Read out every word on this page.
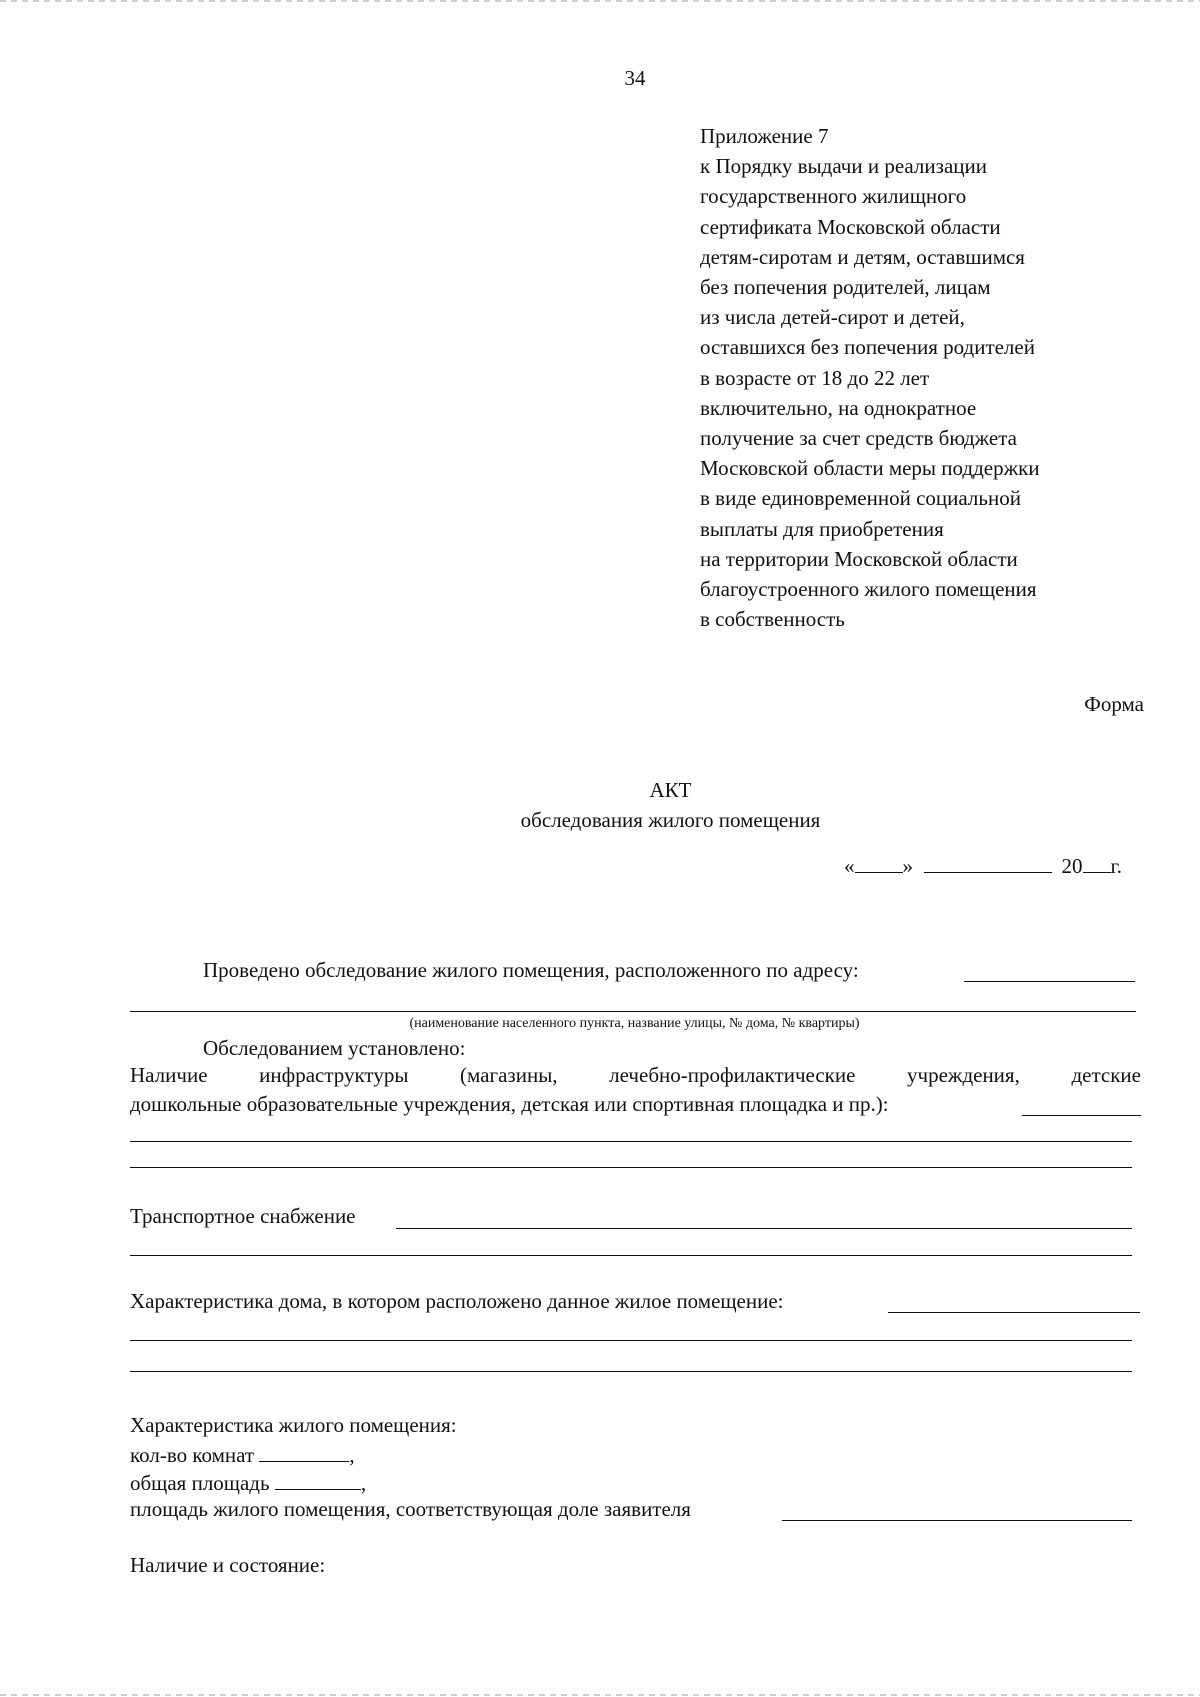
34
Приложение 7
к Порядку выдачи и реализации
государственного жилищного
сертификата Московской области
детям-сиротам и детям, оставшимся
без попечения родителей, лицам
из числа детей-сирот и детей,
оставшихся без попечения родителей
в возрасте от 18 до 22 лет
включительно, на однократное
получение за счет средств бюджета
Московской области меры поддержки
в виде единовременной социальной
выплаты для приобретения
на территории Московской области
благоустроенного жилого помещения
в собственность
Форма
АКТ
обследования жилого помещения
« »	20 г.
Проведено обследование жилого помещения, расположенного по адресу:
(наименование населенного пункта, название улицы, № дома, № квартиры)
Обследованием установлено:
Наличие инфраструктуры (магазины, лечебно-профилактические учреждения, детские
дошкольные образовательные учреждения, детская или спортивная площадка и пр.):
Транспортное снабжение
Характеристика дома, в котором расположено данное жилое помещение:
Характеристика жилого помещения:
кол-во комнат	,
общая площадь	,
площадь жилого помещения, соответствующая доле заявителя
Наличие и состояние:
